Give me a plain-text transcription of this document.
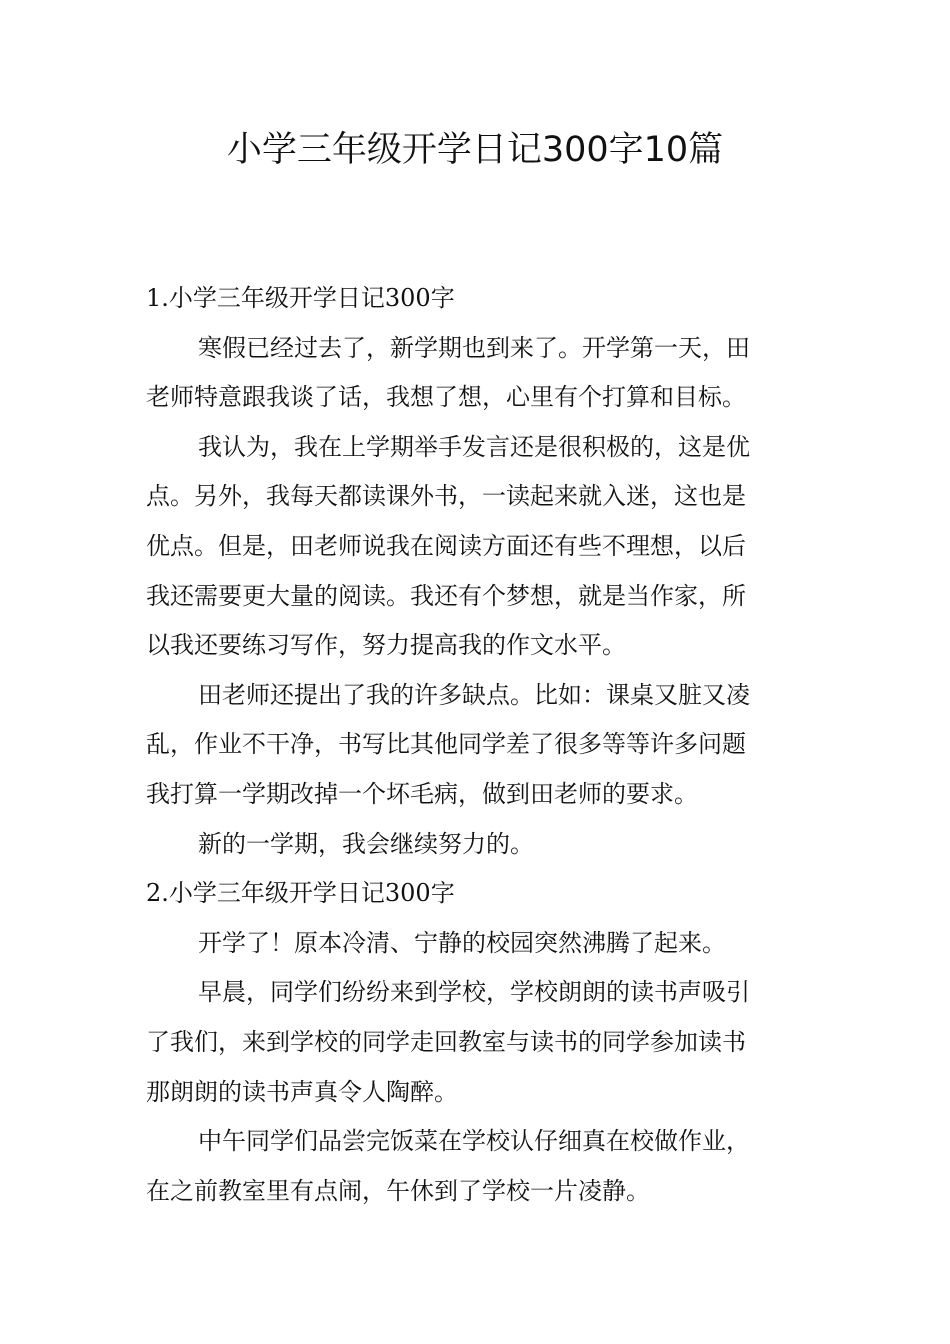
小学三年级开学日记300字10篇

1.小学三年级开学日记300字

寒假已经过去了，新学期也到来了。开学第一天，田

老师特意跟我谈了话，我想了想，心里有个打算和目标。

我认为，我在上学期举手发言还是很积极的，这是优

点。另外，我每天都读课外书，一读起来就入迷，这也是

优点。但是，田老师说我在阅读方面还有些不理想，以后

我还需要更大量的阅读。我还有个梦想，就是当作家，所

以我还要练习写作，努力提高我的作文水平。

田老师还提出了我的许多缺点。比如：课桌又脏又凌

乱，作业不干净，书写比其他同学差了很多等等许多问题

我打算一学期改掉一个坏毛病，做到田老师的要求。

新的一学期，我会继续努力的。

2.小学三年级开学日记300字

开学了！原本冷清、宁静的校园突然沸腾了起来。

早晨，同学们纷纷来到学校，学校朗朗的读书声吸引

了我们，来到学校的同学走回教室与读书的同学参加读书

那朗朗的读书声真令人陶醉。

中午同学们品尝完饭菜在学校认仔细真在校做作业，

在之前教室里有点闹，午休到了学校一片凌静。
